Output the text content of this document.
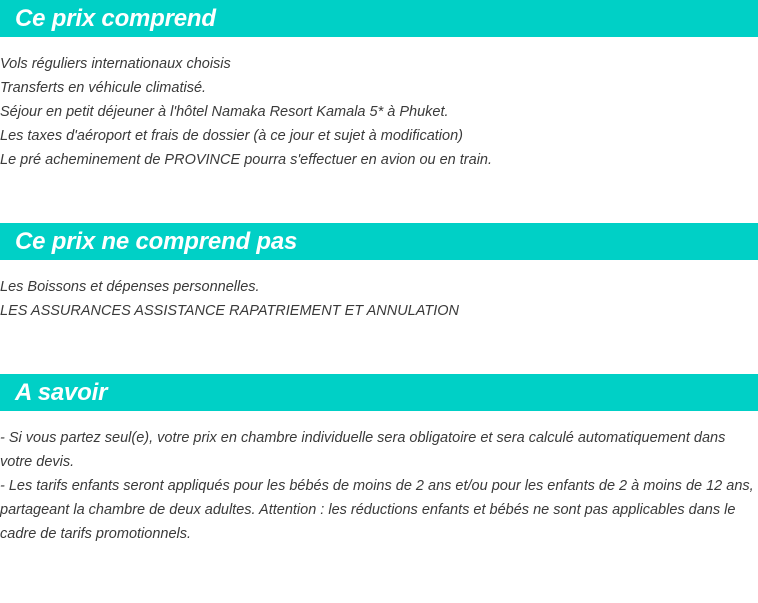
Ce prix comprend
Vols réguliers internationaux choisis
Transferts en véhicule climatisé.
Séjour en petit déjeuner à l'hôtel Namaka Resort Kamala 5* à Phuket.
Les taxes d'aéroport et frais de dossier (à ce jour et sujet à modification)
Le pré acheminement de PROVINCE pourra s'effectuer en avion ou en train.
Ce prix ne comprend pas
Les Boissons et dépenses personnelles.
LES ASSURANCES ASSISTANCE RAPATRIEMENT ET ANNULATION
A savoir
- Si vous partez seul(e), votre prix en chambre individuelle sera obligatoire et sera calculé automatiquement dans votre devis.
- Les tarifs enfants seront appliqués pour les bébés de moins de 2 ans et/ou pour les enfants de 2 à moins de 12 ans, partageant la chambre de deux adultes. Attention : les réductions enfants et bébés ne sont pas applicables dans le cadre de tarifs promotionnels.
